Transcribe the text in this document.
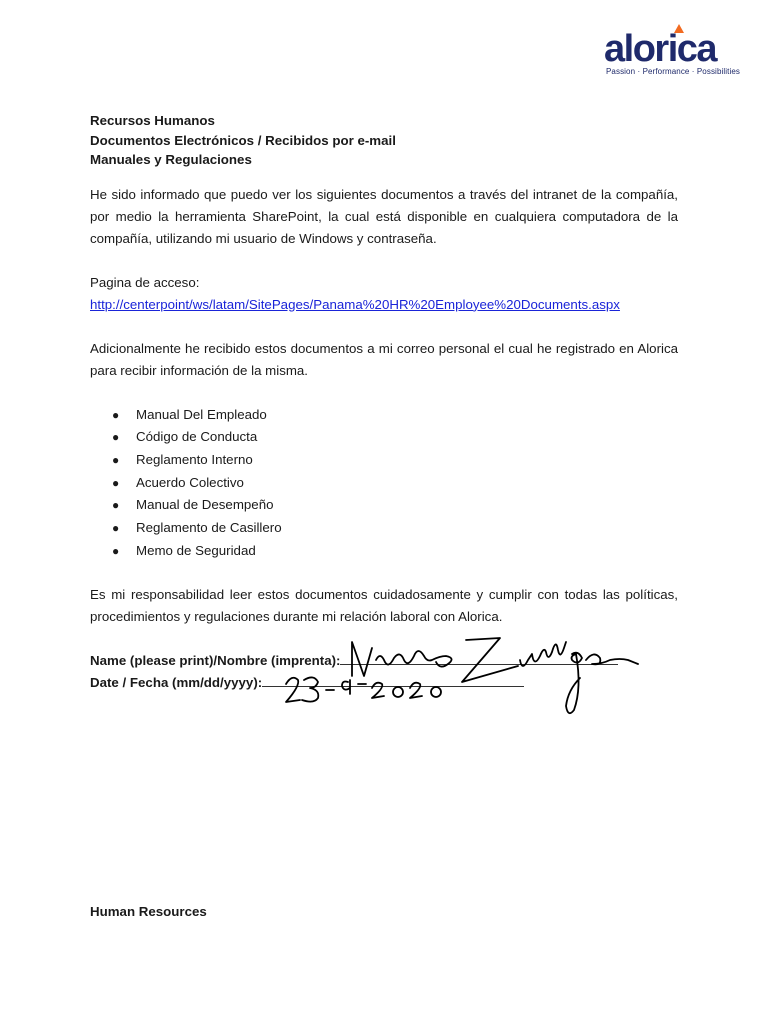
alorica
Passion · Performance · Possibilities

Recursos Humanos

Documentos Electrónicos / Recibidos por e-mail

Manuales y Regulaciones

He sido informado que puedo ver los siguientes documentos a través del intranet de la compañía, por medio la herramienta SharePoint, la cual está disponible en cualquiera computadora de la compañía, utilizando mi usuario de Windows y contraseña.

Pagina de acceso:

http://centerpoint/ws/latam/SitePages/Panama%20HR%20Employee%20Documents.aspx

Adicionalmente he recibido estos documentos a mi correo personal el cual he registrado en Alorica para recibir información de la misma.

● Manual Del Empleado
● Código de Conducta
● Reglamento Interno
● Acuerdo Colectivo
● Manual de Desempeño
● Reglamento de Casillero
● Memo de Seguridad

Es mi responsabilidad leer estos documentos cuidadosamente y cumplir con todas las políticas, procedimientos y regulaciones durante mi relación laboral con Alorica.

Name (please print)/Nombre (imprenta):
Date / Fecha (mm/dd/yyyy):
Human Resources
